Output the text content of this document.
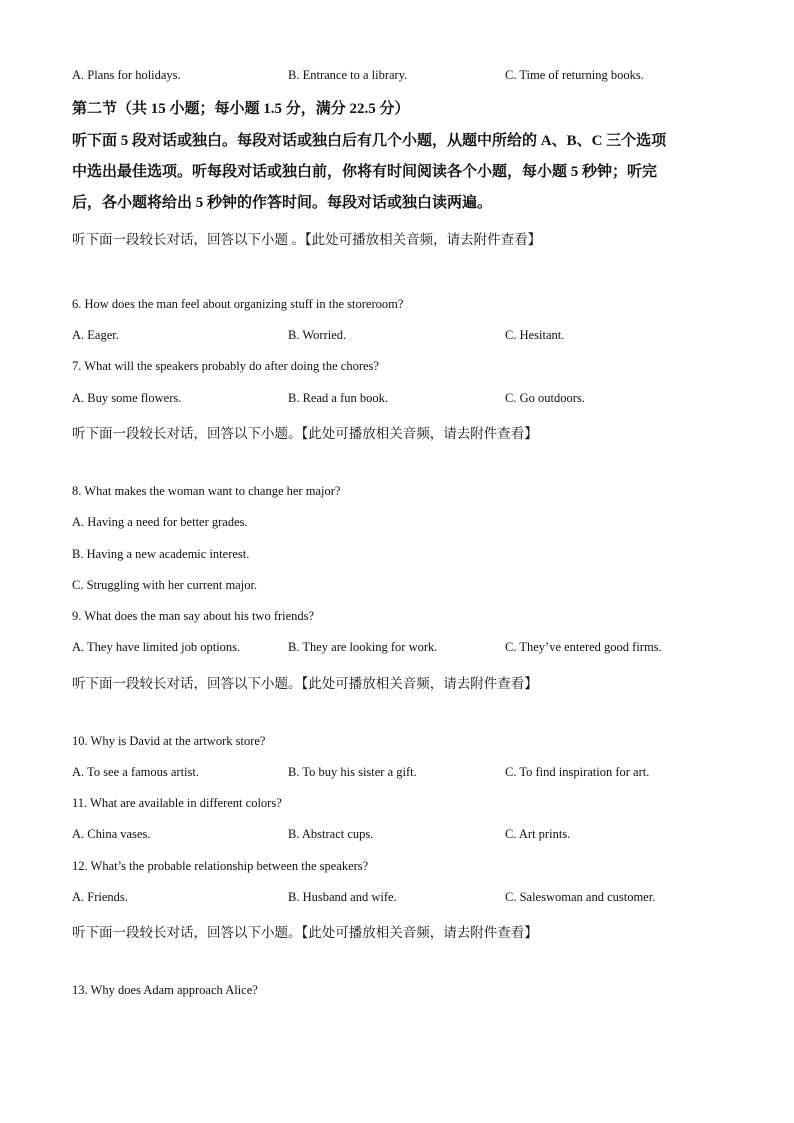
A. Plans for holidays.	B. Entrance to a library.	C. Time of returning books.
第二节（共 15 小题；每小题 1.5 分，满分 22.5 分）
听下面 5 段对话或独白。每段对话或独白后有几个小题，从题中所给的 A、B、C 三个选项
中选出最佳选项。听每段对话或独白前，你将有时间阅读各个小题，每小题 5 秒钟；听完
后，各小题将给出 5 秒钟的作答时间。每段对话或独白读两遍。
听下面一段较长对话，回答以下小题 。【此处可播放相关音频，请去附件查看】
6. How does the man feel about organizing stuff in the storeroom?
A. Eager.	B. Worried.	C. Hesitant.
7. What will the speakers probably do after doing the chores?
A. Buy some flowers.	B. Read a fun book.	C. Go outdoors.
听下面一段较长对话，回答以下小题。【此处可播放相关音频，请去附件查看】
8. What makes the woman want to change her major?
A. Having a need for better grades.
B. Having a new academic interest.
C. Struggling with her current major.
9. What does the man say about his two friends?
A. They have limited job options.	B. They are looking for work.	C. They’ve entered good firms.
听下面一段较长对话，回答以下小题。【此处可播放相关音频，请去附件查看】
10. Why is David at the artwork store?
A. To see a famous artist.	B. To buy his sister a gift.	C. To find inspiration for art.
11. What are available in different colors?
A. China vases.	B. Abstract cups.	C. Art prints.
12. What’s the probable relationship between the speakers?
A. Friends.	B. Husband and wife.	C. Saleswoman and customer.
听下面一段较长对话，回答以下小题。【此处可播放相关音频，请去附件查看】
13. Why does Adam approach Alice?
